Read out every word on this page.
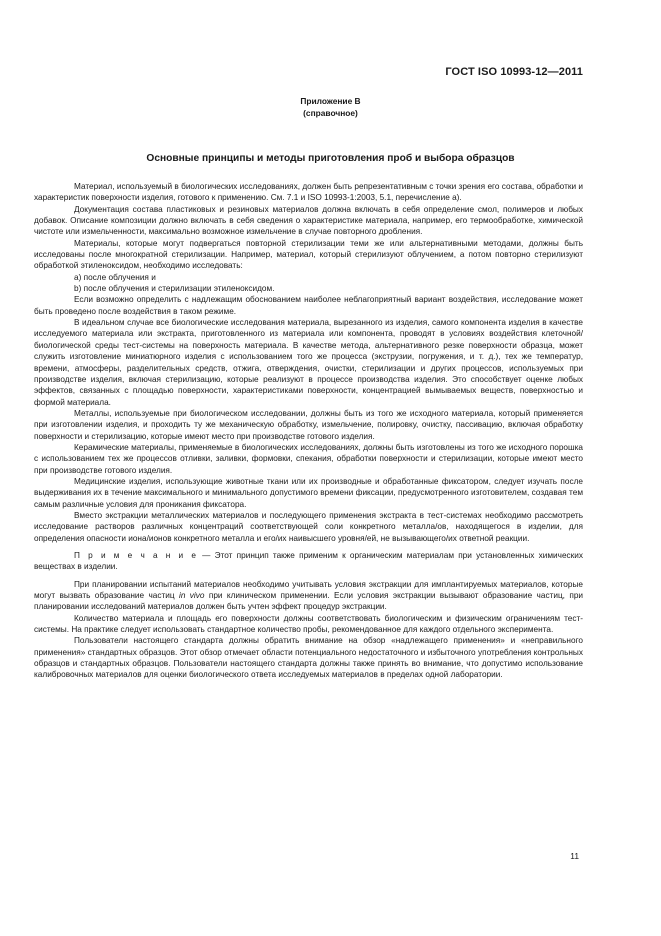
ГОСТ ISO 10993-12—2011
Приложение В
(справочное)
Основные принципы и методы приготовления проб и выбора образцов

Материал, используемый в биологических исследованиях, должен быть репрезентативным с точки зрения его состава, обработки и характеристик поверхности изделия, готового к применению. См. 7.1 и ISO 10993-1:2003, 5.1, перечисление а).

Документация состава пластиковых и резиновых материалов должна включать в себя определение смол, полимеров и любых добавок. Описание композиции должно включать в себя сведения о характеристике материала, например, его термообработке, химической чистоте или измельченности, максимально возможное измельчение в случае повторного дробления.

Материалы, которые могут подвергаться повторной стерилизации теми же или альтернативными методами, должны быть исследованы после многократной стерилизации. Например, материал, который стерилизуют облучением, а потом повторно стерилизуют обработкой этиленоксидом, необходимо исследовать:

a) после облучения и

b) после облучения и стерилизации этиленоксидом.

Если возможно определить с надлежащим обоснованием наиболее неблагоприятный вариант воздействия, исследование может быть проведено после воздействия в таком режиме.

В идеальном случае все биологические исследования материала, вырезанного из изделия, самого компонента изделия в качестве исследуемого материала или экстракта, приготовленного из материала или компонента, проводят в условиях воздействия клеточной/биологической среды тест-системы на поверхность материала. В качестве метода, альтернативного резке поверхности образца, может служить изготовление миниатюрного изделия с использованием того же процесса (экструзии, погружения, и т. д.), тех же температур, времени, атмосферы, разделительных средств, отжига, отверждения, очистки, стерилизации и других процессов, используемых при производстве изделия, включая стерилизацию, которые реализуют в процессе производства изделия. Это способствует оценке любых эффектов, связанных с площадью поверхности, характеристиками поверхности, концентрацией вымываемых веществ, поверхностью и формой материала.

Металлы, используемые при биологическом исследовании, должны быть из того же исходного материала, который применяется при изготовлении изделия, и проходить ту же механическую обработку, измельчение, полировку, очистку, пассивацию, включая обработку поверхности и стерилизацию, которые имеют место при производстве готового изделия.

Керамические материалы, применяемые в биологических исследованиях, должны быть изготовлены из того же исходного порошка с использованием тех же процессов отливки, заливки, формовки, спекания, обработки поверхности и стерилизации, которые имеют место при производстве готового изделия.

Медицинские изделия, использующие животные ткани или их производные и обработанные фиксатором, следует изучать после выдерживания их в течение максимального и минимального допустимого времени фиксации, предусмотренного изготовителем, создавая тем самым различные условия для проникания фиксатора.

Вместо экстракции металлических материалов и последующего применения экстракта в тест-системах необходимо рассмотреть исследование растворов различных концентраций соответствующей соли конкретного металла/ов, находящегося в изделии, для определения опасности иона/ионов конкретного металла и его/их наивысшего уровня/ей, не вызывающего/их ответной реакции.

П р и м е ч а н и е — Этот принцип также применим к органическим материалам при установленных химических веществах в изделии.

При планировании испытаний материалов необходимо учитывать условия экстракции для имплантируемых материалов, которые могут вызвать образование частиц in vivo при клиническом применении. Если условия экстракции вызывают образование частиц, при планировании исследований материалов должен быть учтен эффект процедур экстракции.

Количество материала и площадь его поверхности должны соответствовать биологическим и физическим ограничениям тест-системы. На практике следует использовать стандартное количество пробы, рекомендованное для каждого отдельного эксперимента.

Пользователи настоящего стандарта должны обратить внимание на обзор «надлежащего применения» и «неправильного применения» стандартных образцов. Этот обзор отмечает области потенциального недостаточного и избыточного употребления контрольных образцов и стандартных образцов. Пользователи настоящего стандарта должны также принять во внимание, что допустимо использование калибровочных материалов для оценки биологического ответа исследуемых материалов в пределах одной лаборатории.

11
